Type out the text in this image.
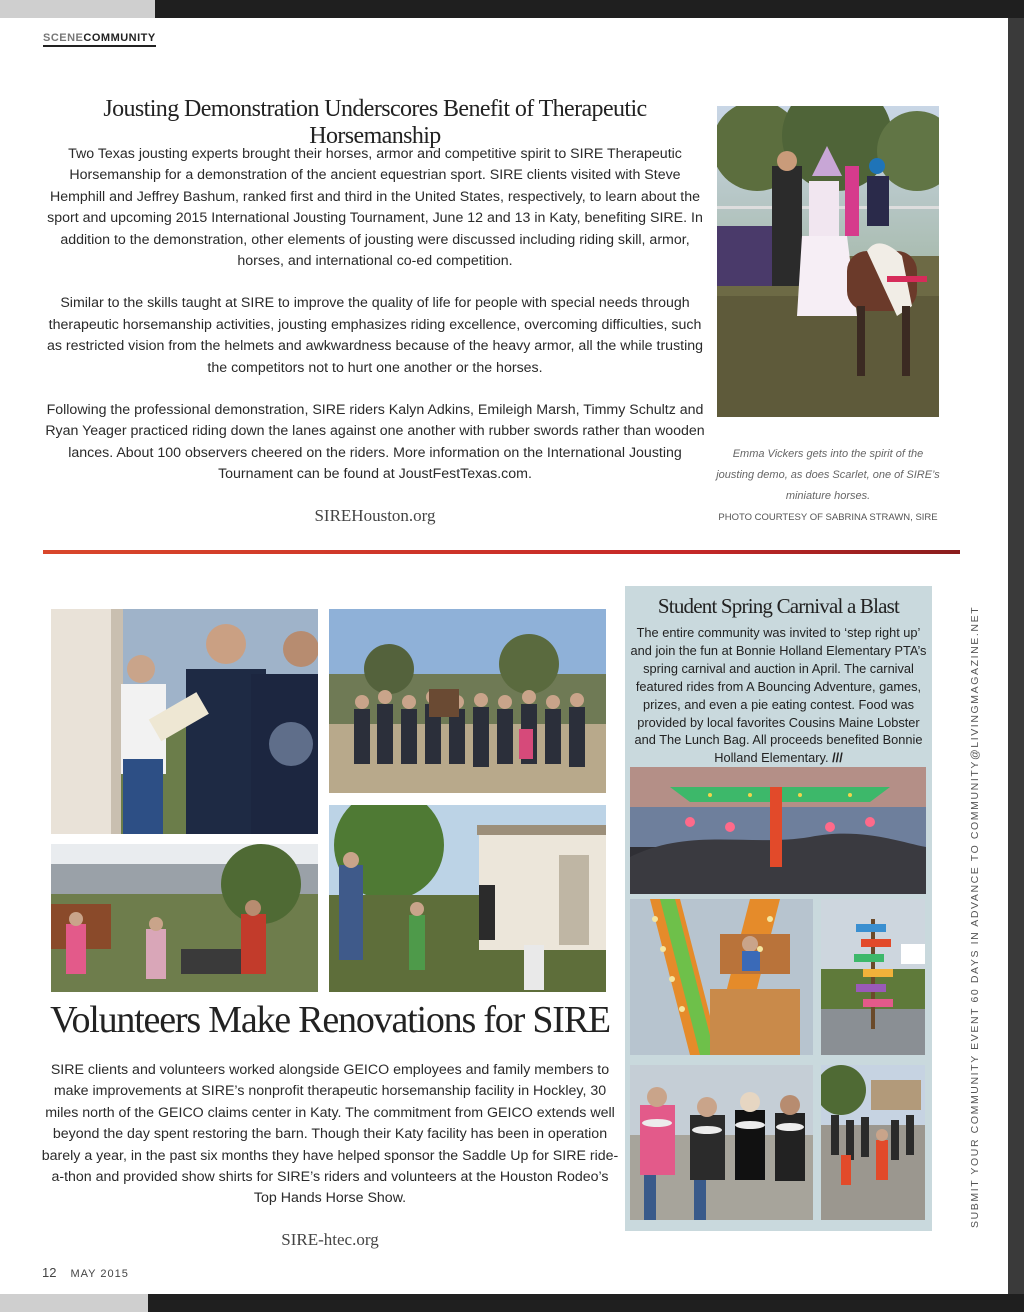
SCENECOMMUNITY
Jousting Demonstration Underscores Benefit of Therapeutic Horsemanship

Two Texas jousting experts brought their horses, armor and competitive spirit to SIRE Therapeutic Horsemanship for a demonstration of the ancient equestrian sport. SIRE clients visited with Steve Hemphill and Jeffrey Bashum, ranked first and third in the United States, respectively, to learn about the sport and upcoming 2015 International Jousting Tournament, June 12 and 13 in Katy, benefiting SIRE. In addition to the demonstration, other elements of jousting were discussed including riding skill, armor, horses, and international co-ed competition.

Similar to the skills taught at SIRE to improve the quality of life for people with special needs through therapeutic horsemanship activities, jousting emphasizes riding excellence, overcoming difficulties, such as restricted vision from the helmets and awkwardness because of the heavy armor, all the while trusting the competitors not to hurt one another or the horses.

Following the professional demonstration, SIRE riders Kalyn Adkins, Emileigh Marsh, Timmy Schultz and Ryan Yeager practiced riding down the lanes against one another with rubber swords rather than wooden lances. About 100 observers cheered on the riders. More information on the International Jousting Tournament can be found at JoustFestTexas.com.

SIREHouston.org
Emma Vickers gets into the spirit of the jousting demo, as does Scarlet, one of SIRE’s miniature horses.
PHOTO COURTESY OF SABRINA STRAWN, SIRE
Volunteers Make Renovations for SIRE
SIRE clients and volunteers worked alongside GEICO employees and family members to make improvements at SIRE’s nonprofit therapeutic horsemanship facility in Hockley, 30 miles north of the GEICO claims center in Katy. The commitment from GEICO extends well beyond the day spent restoring the barn. Though their Katy facility has been in operation barely a year, in the past six months they have helped sponsor the Saddle Up for SIRE ride-a-thon and provided show shirts for SIRE’s riders and volunteers at the Houston Rodeo’s Top Hands Horse Show.
SIRE-htec.org
Student Spring Carnival a Blast
The entire community was invited to ‘step right up’ and join the fun at Bonnie Holland Elementary PTA’s spring carnival and auction in April. The carnival featured rides from A Bouncing Adventure, games, prizes, and even a pie eating contest. Food was provided by local favorites Cousins Maine Lobster and The Lunch Bag. All proceeds benefited Bonnie Holland Elementary. ///	SUBMIT YOUR COMMUNITY EVENT 60 DAYS IN ADVANCE TO COMMUNITY@LIVINGMAGAZINE.NET
12 MAY 2015
